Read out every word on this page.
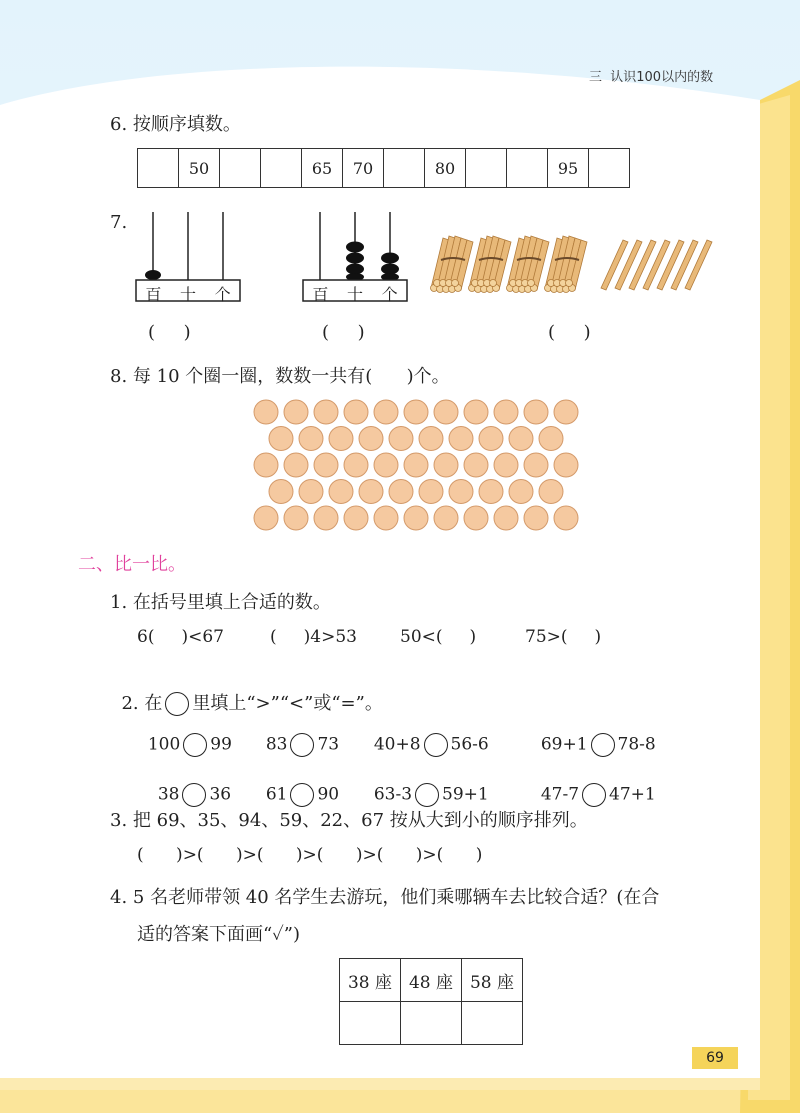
三  认识100以内的数
6. 按顺序填数。
	50			65	70		80			95	
7.
百 十 个
(     )
百 十 个
(     )	(     )
8. 每 10 个圈一圈，数数一共有(      )个。
二、比一比。
1. 在括号里填上合适的数。
6(     )<67	(     )4>53	50<(     )	75>(     )

2. 在 里填上“>”“<”或“=”。

100 99	83 73	40+8 56-6	69+1 78-8

38 36	61 90	63-3 59+1	47-7 47+1

3. 把 69、35、94、59、22、67 按从大到小的顺序排列。
(      )>(      )>(      )>(      )>(      )>(      )
4. 5 名老师带领 40 名学生去游玩，他们乘哪辆车去比较合适？(在合
适的答案下面画“✓”)
38 座	48 座	58 座

69
